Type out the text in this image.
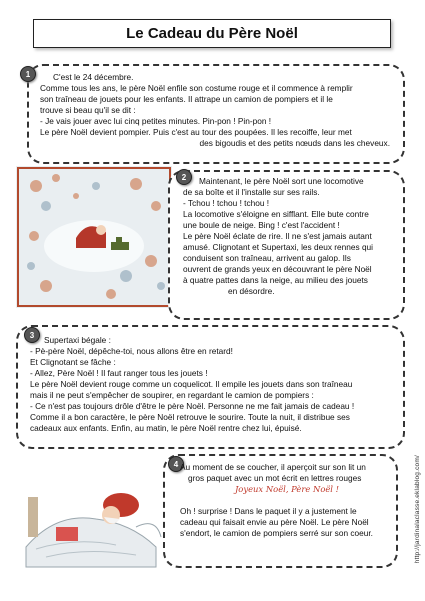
Le Cadeau du Père Noël
1	C'est le 24 décembre.

Comme tous les ans, le père Noël enfile son costume rouge et il commence à remplir

son traîneau de jouets pour les enfants. Il attrape un camion de pompiers et il le

trouve si beau qu'il se dit :

- Je vais jouer avec lui cinq petites minutes. Pin-pon ! Pin-pon !

Le père Noël devient pompier. Puis c'est au tour des poupées. Il les recoiffe, leur met

des bigoudis et des petits nœuds dans les cheveux.

2	Maintenant, le père Noël sort une locomotive

de sa boîte et il l'installe sur ses rails.

- Tchou ! tchou ! tchou !

La locomotive s'éloigne en sifflant. Elle bute contre

une boule de neige. Bing ! c'est l'accident !

Le père Noël éclate de rire. Il ne s'est jamais autant

amusé. Clignotant et Supertaxi, les deux rennes qui

conduisent son traîneau, arrivent au galop. Ils

ouvrent de grands yeux en découvrant le père Noël

à quatre pattes dans la neige, au milieu des jouets

en désordre.

3	Supertaxi bégale :

- Pè-père Noël, dépêche-toi, nous allons être en retard!

Et Clignotant se fâche :

- Allez, Père Noël ! Il faut ranger tous les jouets !

Le père Noël devient rouge comme un coquelicot. Il empile les jouets dans son traîneau

mais il ne peut s'empêcher de soupirer, en regardant le camion de pompiers :

- Ce n'est pas toujours drôle d'être le père Noël. Personne ne me fait jamais de cadeau !

Comme il a bon caractère, le père Noël retrouve le sourire. Toute la nuit, il distribue ses

cadeaux aux enfants. Enfin, au matin, le père Noël rentre chez lui, épuisé.

4 Au moment de se coucher, il aperçoit sur son lit un

gros paquet avec un mot écrit en lettres rouges

Joyeux Noël, Père Noël !

Oh ! surprise ! Dans le paquet il y a justement le

cadeau qui faisait envie au père Noël. Le père Noël

s'endort, le camion de pompiers serré sur son coeur.	http://jardinalaclasse.eklablog.com/
